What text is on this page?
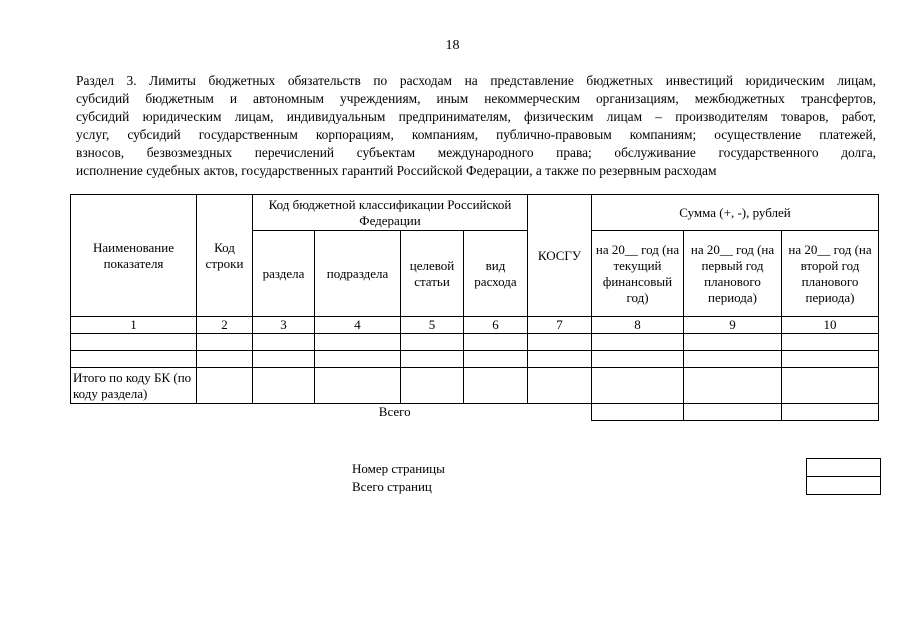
18
Раздел 3. Лимиты бюджетных обязательств по расходам на представление бюджетных инвестиций юридическим лицам,
субсидий бюджетным и автономным учреждениям, иным некоммерческим организациям, межбюджетных трансфертов,
субсидий юридическим лицам, индивидуальным предпринимателям, физическим лицам – производителям товаров, работ,
услуг, субсидий государственным корпорациям, компаниям, публично-правовым компаниям; осуществление платежей,
взносов, безвозмездных перечислений субъектам международного права; обслуживание государственного долга,
исполнение судебных актов, государственных гарантий Российской Федерации, а также по резервным расходам
Наименование показателя	Код строки	Код бюджетной классификации Российской Федерации				КОСГУ	Сумма (+, -), рублей		
		раздела	подраздела	целевой статьи	вид расхода		на 20__ год (на текущий финансовый год)	на 20__ год (на первый год планового периода)	на 20__ год (на второй год планового периода)
1	2	3	4	5	6	7	8	9	10

Итого по коду БК (по коду раздела)									
Всего									
Номер страницы
Всего страниц
